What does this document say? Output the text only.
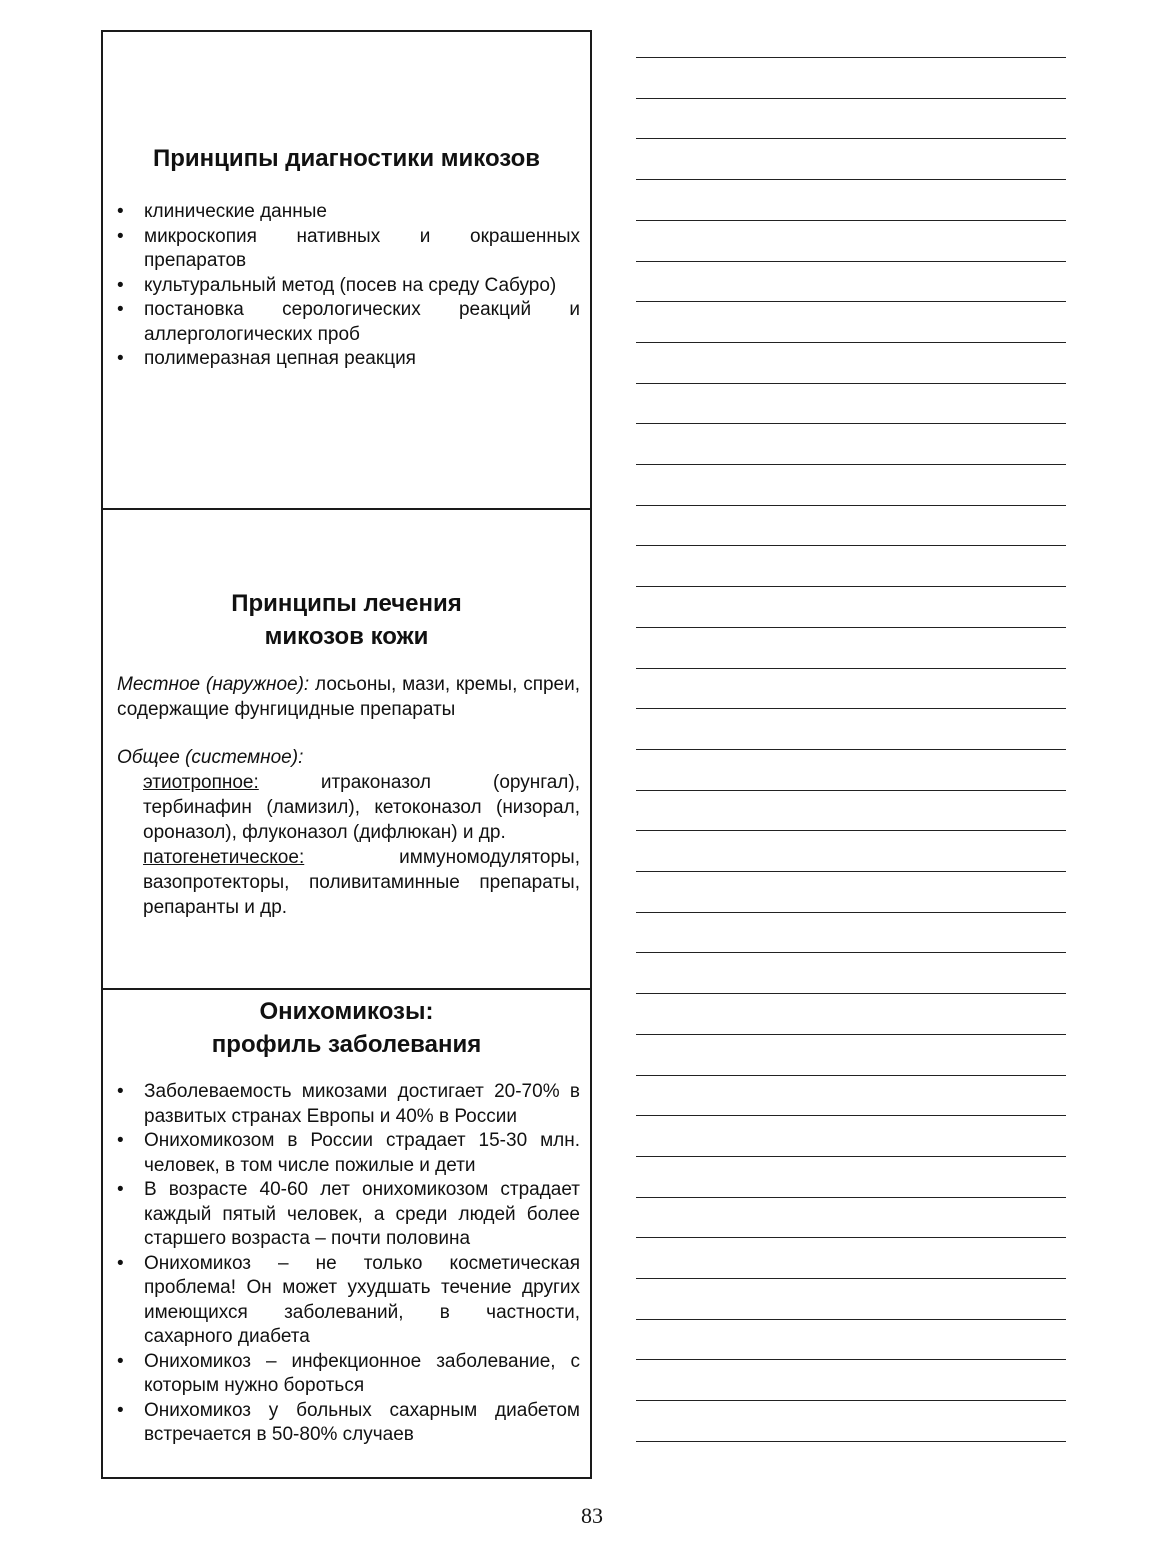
Принципы диагностики микозов
• клинические данные
• микроскопия нативных и окрашенных препаратов
• культуральный метод (посев на среду Сабуро)
• постановка серологических реакций и аллергологических проб
• полимеразная цепная реакция
Принципы лечения
микозов кожи

Местное (наружное): лосьоны, мази, кремы, спреи, содержащие фунгицидные препараты

Общее (системное):

этиотропное:	итраконазол (орунгал), тербинафин (ламизил), кетоконазол (низорал, ороназол), флуконазол (дифлюкан) и др.

патогенетическое:	иммуномодуляторы, вазопротекторы, поливитаминные препараты, репаранты и др.

Онихомикозы:
профиль заболевания
• Заболеваемость микозами достигает 20-70% в развитых странах Европы и 40% в России
• Онихомикозом в России страдает 15-30 млн. человек, в том числе пожилые и дети
• В возрасте 40-60 лет онихомикозом страдает каждый пятый человек, а среди людей более старшего возраста – почти половина
• Онихомикоз – не только косметическая проблема! Он может ухудшать течение других имеющихся заболеваний, в частности, сахарного диабета
• Онихомикоз – инфекционное заболевание, с которым нужно бороться
• Онихомикоз у больных сахарным диабетом встречается в 50-80% случаев
83
